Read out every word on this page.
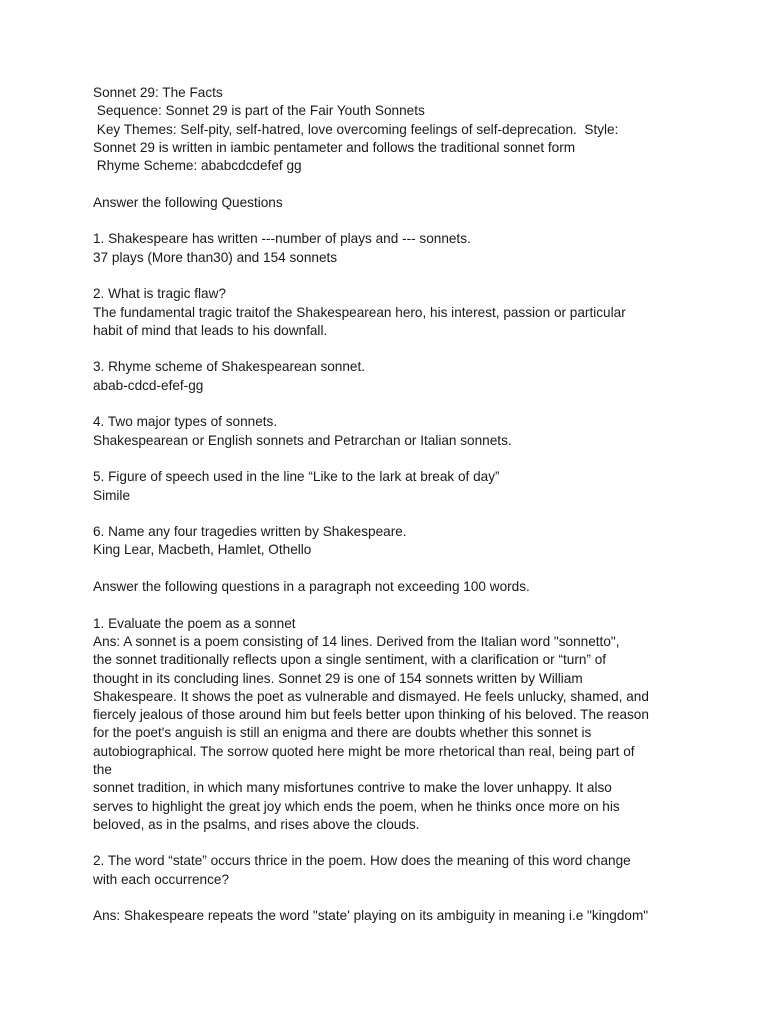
Sonnet 29: The Facts
Sequence: Sonnet 29 is part of the Fair Youth Sonnets
Key Themes: Self-pity, self-hatred, love overcoming feelings of self-deprecation.  Style:
Sonnet 29 is written in iambic pentameter and follows the traditional sonnet form
Rhyme Scheme: ababcdcdefef gg
Answer the following Questions
1. Shakespeare has written ---number of plays and --- sonnets.
37 plays (More than30) and 154 sonnets
2. What is tragic flaw?
The fundamental tragic traitof the Shakespearean hero, his interest, passion or particular
habit of mind that leads to his downfall.
3. Rhyme scheme of Shakespearean sonnet.
abab-cdcd-efef-gg
4. Two major types of sonnets.
Shakespearean or English sonnets and Petrarchan or Italian sonnets.
5. Figure of speech used in the line “Like to the lark at break of day”
Simile
6. Name any four tragedies written by Shakespeare.
King Lear, Macbeth, Hamlet, Othello
Answer the following questions in a paragraph not exceeding 100 words.
1. Evaluate the poem as a sonnet
Ans: A sonnet is a poem consisting of 14 lines. Derived from the Italian word "sonnetto",
the sonnet traditionally reflects upon a single sentiment, with a clarification or “turn” of
thought in its concluding lines. Sonnet 29 is one of 154 sonnets written by William
Shakespeare. It shows the poet as vulnerable and dismayed. He feels unlucky, shamed, and
fiercely jealous of those around him but feels better upon thinking of his beloved. The reason
for the poet's anguish is still an enigma and there are doubts whether this sonnet is
autobiographical. The sorrow quoted here might be more rhetorical than real, being part of
the
sonnet tradition, in which many misfortunes contrive to make the lover unhappy. It also
serves to highlight the great joy which ends the poem, when he thinks once more on his
beloved, as in the psalms, and rises above the clouds.
2. The word “state” occurs thrice in the poem. How does the meaning of this word change
with each occurrence?
Ans: Shakespeare repeats the word "state' playing on its ambiguity in meaning i.e "kingdom"
